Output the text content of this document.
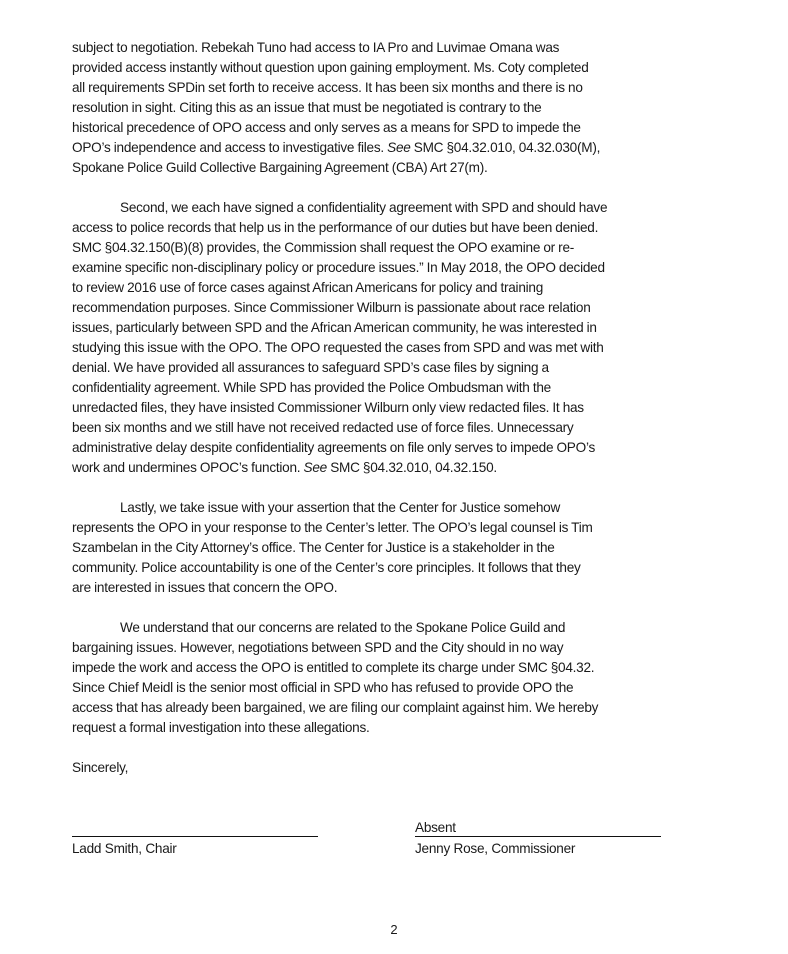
subject to negotiation. Rebekah Tuno had access to IA Pro and Luvimae Omana was
provided access instantly without question upon gaining employment. Ms. Coty completed
all requirements SPDin set forth to receive access. It has been six months and there is no
resolution in sight. Citing this as an issue that must be negotiated is contrary to the
historical precedence of OPO access and only serves as a means for SPD to impede the
OPO’s independence and access to investigative files. See SMC §04.32.010, 04.32.030(M),
Spokane Police Guild Collective Bargaining Agreement (CBA) Art 27(m).

Second, we each have signed a confidentiality agreement with SPD and should have
access to police records that help us in the performance of our duties but have been denied.
SMC §04.32.150(B)(8) provides, the Commission shall request the OPO examine or re-
examine specific non-disciplinary policy or procedure issues.” In May 2018, the OPO decided
to review 2016 use of force cases against African Americans for policy and training
recommendation purposes. Since Commissioner Wilburn is passionate about race relation
issues, particularly between SPD and the African American community, he was interested in
studying this issue with the OPO. The OPO requested the cases from SPD and was met with
denial. We have provided all assurances to safeguard SPD’s case files by signing a
confidentiality agreement. While SPD has provided the Police Ombudsman with the
unredacted files, they have insisted Commissioner Wilburn only view redacted files. It has
been six months and we still have not received redacted use of force files. Unnecessary
administrative delay despite confidentiality agreements on file only serves to impede OPO’s
work and undermines OPOC’s function. See SMC §04.32.010, 04.32.150.

Lastly, we take issue with your assertion that the Center for Justice somehow
represents the OPO in your response to the Center’s letter. The OPO’s legal counsel is Tim
Szambelan in the City Attorney’s office. The Center for Justice is a stakeholder in the
community. Police accountability is one of the Center’s core principles. It follows that they
are interested in issues that concern the OPO.

We understand that our concerns are related to the Spokane Police Guild and
bargaining issues. However, negotiations between SPD and the City should in no way
impede the work and access the OPO is entitled to complete its charge under SMC §04.32.
Since Chief Meidl is the senior most official in SPD who has refused to provide OPO the
access that has already been bargained, we are filing our complaint against him. We hereby
request a formal investigation into these allegations.

Sincerely,

Ladd Smith, Chair
Absent
Jenny Rose, Commissioner
2
